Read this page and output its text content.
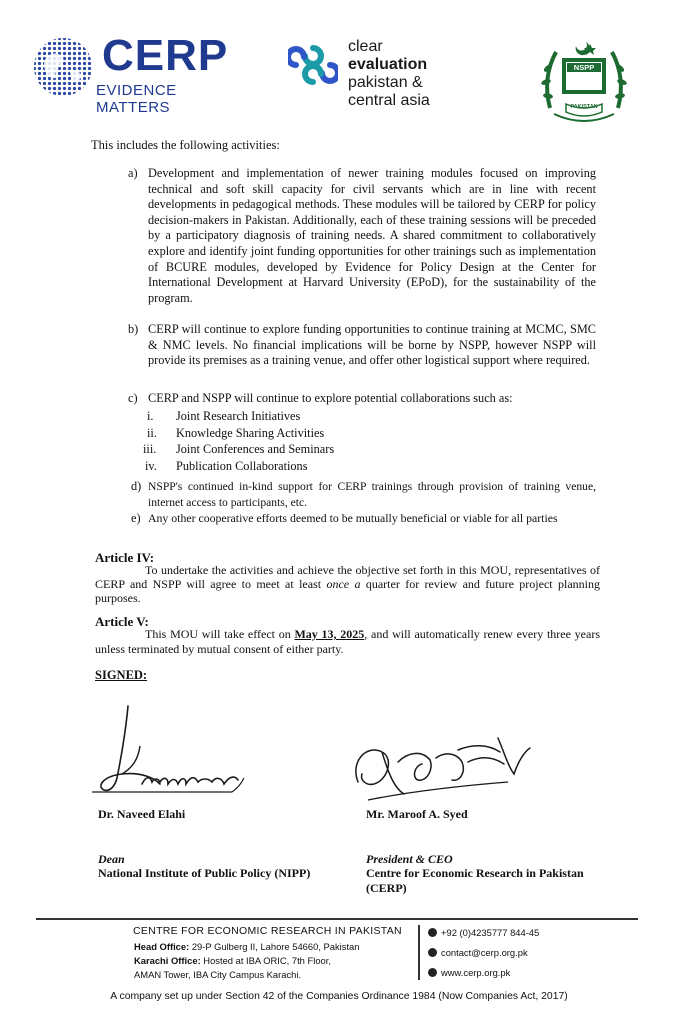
CERP
EVIDENCE MATTERS
clear
evaluation
pakistan &
central asia
NSPP
PAKISTAN
This includes the following activities:
a) Development and implementation of newer training modules focused on improving technical and soft skill capacity for civil servants which are in line with recent developments in pedagogical methods. These modules will be tailored by CERP for policy decision-makers in Pakistan. Additionally, each of these training sessions will be preceded by a participatory diagnosis of training needs. A shared commitment to collaboratively explore and identify joint funding opportunities for other trainings such as implementation of BCURE modules, developed by Evidence for Policy Design at the Center for International Development at Harvard University (EPoD), for the sustainability of the program.
b) CERP will continue to explore funding opportunities to continue training at MCMC, SMC & NMC levels. No financial implications will be borne by NSPP, however NSPP will provide its premises as a training venue, and offer other logistical support where required.
c) CERP and NSPP will continue to explore potential collaborations such as:
i. Joint Research Initiatives
ii. Knowledge Sharing Activities
iii. Joint Conferences and Seminars
iv. Publication Collaborations
d) NSPP's continued in-kind support for CERP trainings through provision of training venue, internet access to participants, etc.
e) Any other cooperative efforts deemed to be mutually beneficial or viable for all parties
Article IV:
To undertake the activities and achieve the objective set forth in this MOU, representatives of CERP and NSPP will agree to meet at least once a quarter for review and future project planning purposes.
Article V:
This MOU will take effect on May 13, 2025, and will automatically renew every three years unless terminated by mutual consent of either party.
SIGNED:
Dr. Naveed Elahi
Dean
National Institute of Public Policy (NIPP)
Mr. Maroof A. Syed
President & CEO
Centre for Economic Research in Pakistan (CERP)
CENTRE FOR ECONOMIC RESEARCH IN PAKISTAN
Head Office: 29-P Gulberg II, Lahore 54660, Pakistan
Karachi Office: Hosted at IBA ORIC, 7th Floor,
AMAN Tower, IBA City Campus Karachi.
+92 (0)4235777 844-45
contact@cerp.org.pk
www.cerp.org.pk
A company set up under Section 42 of the Companies Ordinance 1984 (Now Companies Act, 2017)
